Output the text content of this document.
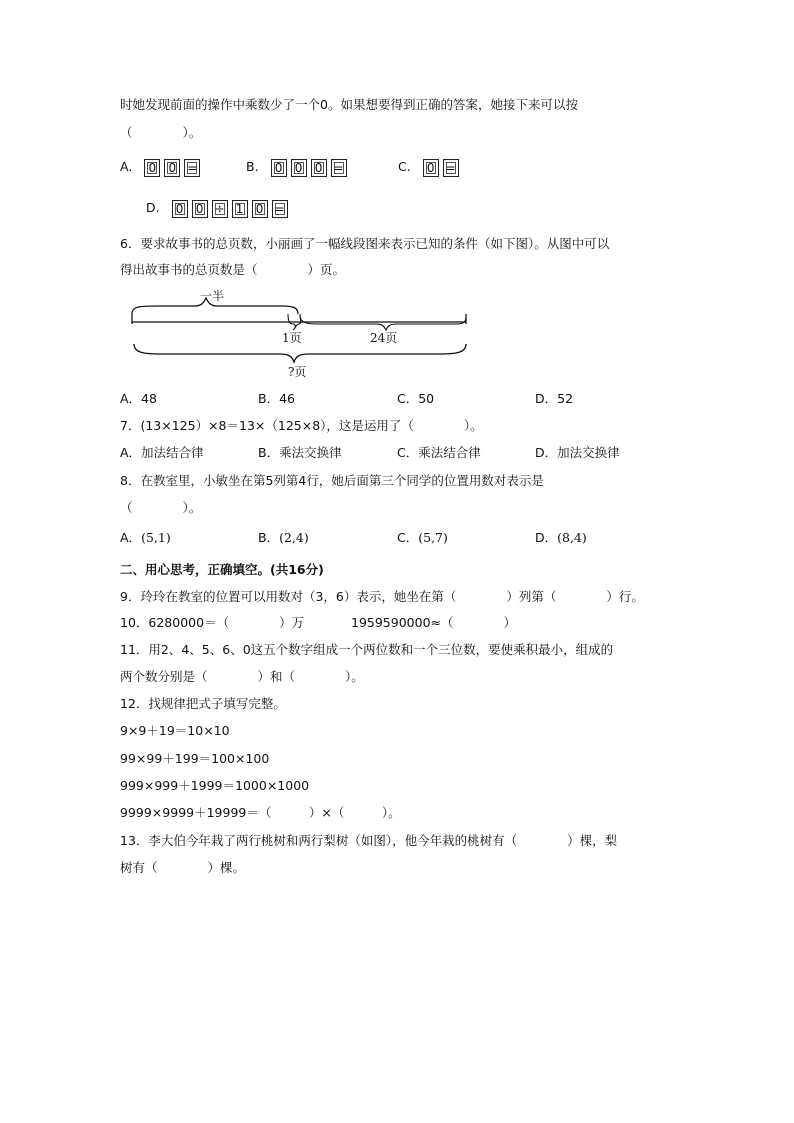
时她发现前面的操作中乘数少了一个0。如果想要得到正确的答案，她接下来可以按
（　　　　）。
A.	0	0 =	B.	0	0	0 =	C.	0 =
D.	0	0 ÷ 1	0 =
6．要求故事书的总页数，小丽画了一幅线段图来表示已知的条件（如下图）。从图中可以
得出故事书的总页数是（　　　　）页。
一半
1页	24页
?页
A．48	B．46	C．50	D．52
7．(13×125）×8＝13×（125×8），这是运用了（　　　　）。
A．加法结合律	B．乘法交换律	C．乘法结合律	D．加法交换律
8．在教室里，小敏坐在第5列第4行，她后面第三个同学的位置用数对表示是
（　　　　）。
A．(5,1)	B．(2,4)	C．(5,7)	D．(8,4)
二、用心思考，正确填空。(共16分)
9．玲玲在教室的位置可以用数对（3，6）表示，她坐在第（　　　　）列第（　　　　）行。
10．6280000＝（　　　　）万	1959590000≈（　　　　）
11．用2、4、5、6、0这五个数字组成一个两位数和一个三位数，要使乘积最小，组成的
两个数分别是（　　　　）和（　　　　）。
12．找规律把式子填写完整。
9×9＋19＝10×10
99×99＋199＝100×100
999×999＋1999＝1000×1000
9999×9999＋19999＝（　　　）×（　　　）。
13．李大伯今年栽了两行桃树和两行梨树（如图），他今年栽的桃树有（　　　　）棵，梨
树有（　　　　）棵。
